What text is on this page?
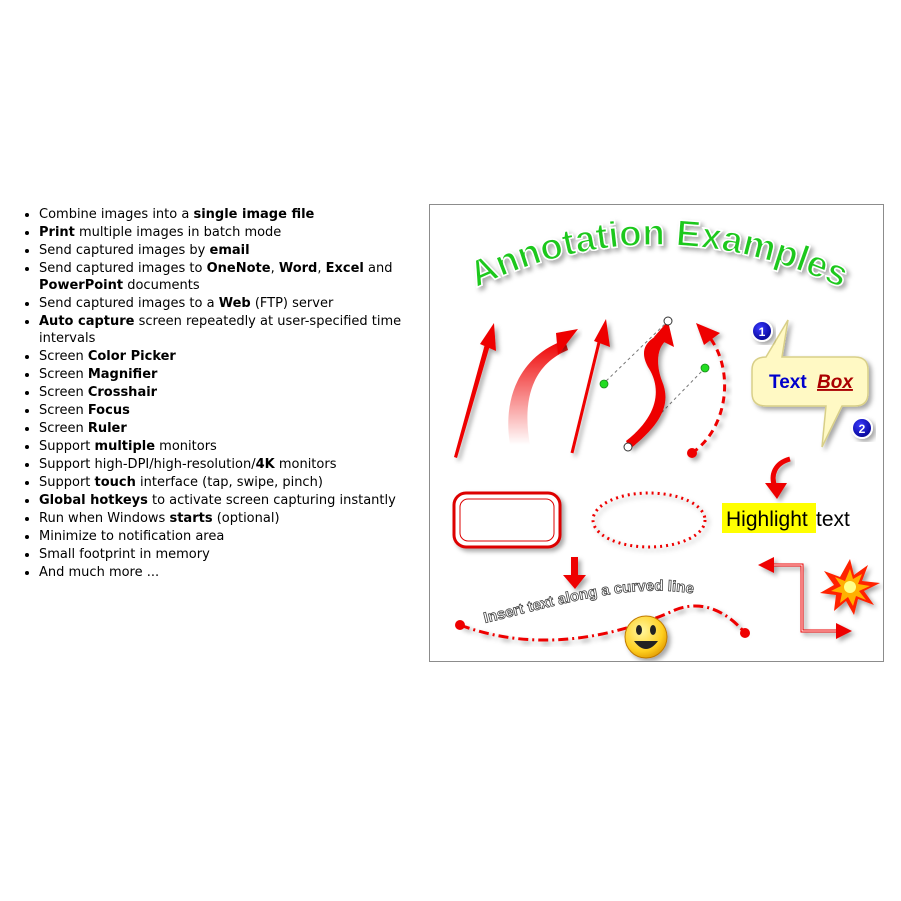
• Combine images into a single image file
• Print multiple images in batch mode
• Send captured images by email
• Send captured images to OneNote, Word, Excel and PowerPoint documents
• Send captured images to a Web (FTP) server
• Auto capture screen repeatedly at user-specified time intervals
• Screen Color Picker
• Screen Magnifier
• Screen Crosshair
• Screen Focus
• Screen Ruler
• Support multiple monitors
• Support high-DPI/high-resolution/4K monitors
• Support touch interface (tap, swipe, pinch)
• Global hotkeys to activate screen capturing instantly
• Run when Windows starts (optional)
• Minimize to notification area
• Small footprint in memory
• And much more ...
Annotation Examples
Text Box
1
2
Highlight text
Insert text along a curved line
